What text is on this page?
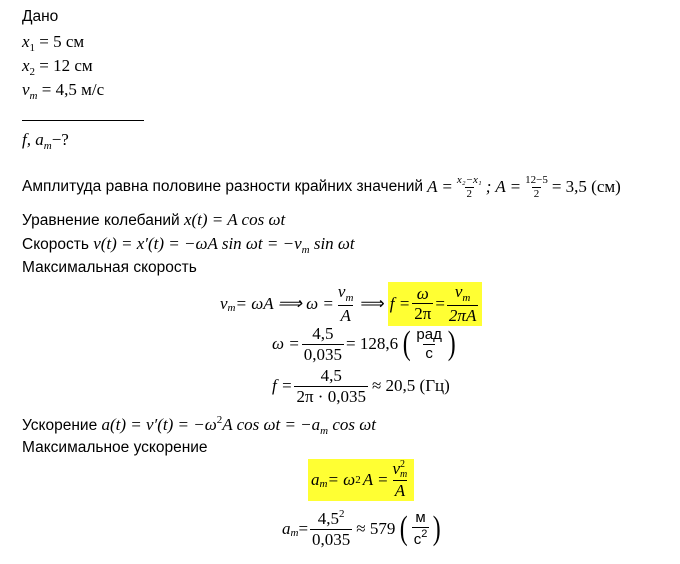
Дано
$x_1 = 5$ см
$x_2 = 12$ см
$v_m = 4,5$ м/с
f, $a_m-$?
Амплитуда равна половине разности крайних значений $A = \frac{\text{x₂−x₁}}{2}$ ; $A = \frac{12-5}{2} = 3,5$ (см)
Уравнение колебаний x(t) = A cos ωt
Скорость v(t) = x′(t) = −ωA $\sin \omega t = -v_m$ sin ωt
Максимальная скорость
v $_m$ = ωA ⟹ $\omega = \frac{v_m}{A}$ ⟹ $f = \frac{\omega}{2\pi} = \frac{v_m}{2\pi A}$
$\omega = \frac{4,5}{0,035} = 128,6$ ( $\frac{\text{рад}}{с}$ )
$f = \frac{4,5}{2\pi \cdot 0,035} \approx 20,5$ (Гц)
Ускорение $a(t) = v'(t) = -\omega^2A$ $\cos \omega t = -a_m$ cos ωt
Максимальное ускорение
a $_m$ = ω 2 A = v 2
m
A
a $_m = \frac{4,5^2}{0,035} \approx 579$ ( $\frac{м}{с^2}$ )
